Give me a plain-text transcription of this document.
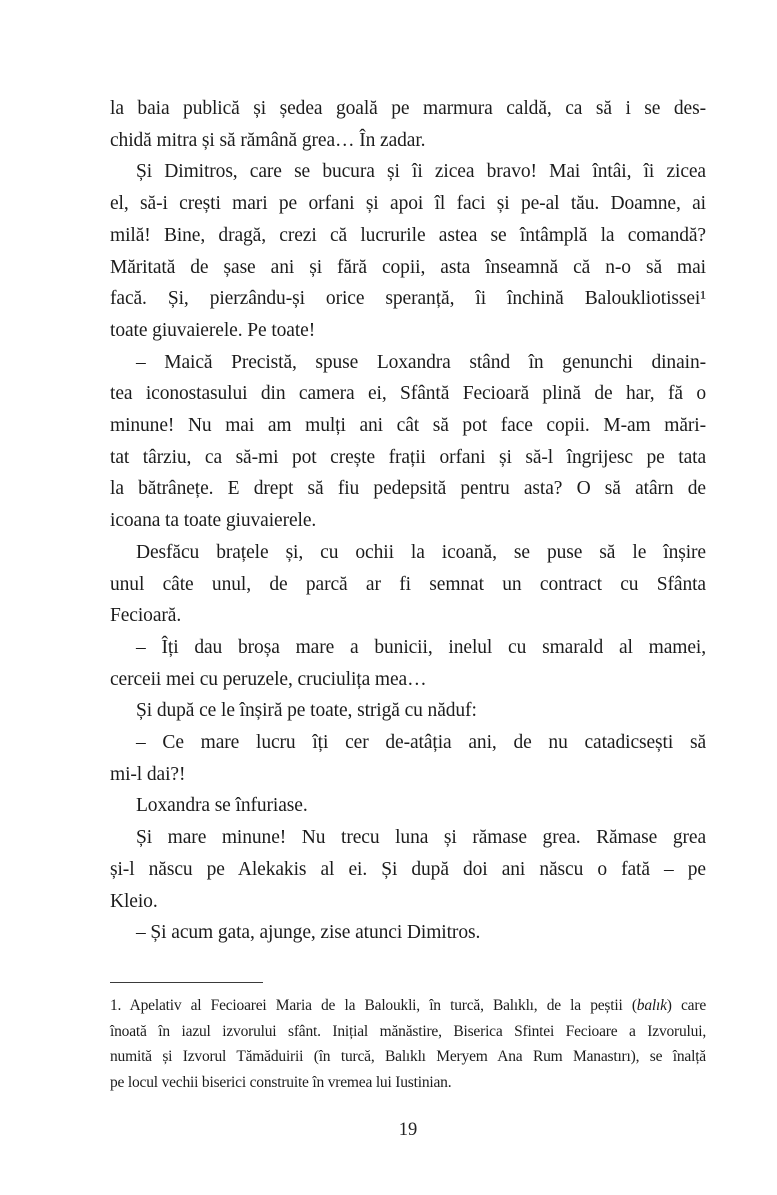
la baia publică și ședea goală pe marmura caldă, ca să i se des-
chidă mitra și să rămână grea… În zadar.
Și Dimitros, care se bucura și îi zicea bravo! Mai întâi, îi zicea
el, să-i crești mari pe orfani și apoi îl faci și pe-al tău. Doamne, ai
milă! Bine, dragă, crezi că lucrurile astea se întâmplă la comandă?
Măritată de șase ani și fără copii, asta înseamnă că n-o să mai
facă. Și, pierzându-și orice speranță, îi închină Baloukliotissei¹
toate giuvaierele. Pe toate!
– Maică Precistă, spuse Loxandra stând în genunchi dinain-
tea iconostasului din camera ei, Sfântă Fecioară plină de har, fă o
minune! Nu mai am mulți ani cât să pot face copii. M-am mări-
tat târziu, ca să-mi pot crește frații orfani și să-l îngrijesc pe tata
la bătrânețe. E drept să fiu pedepsită pentru asta? O să atârn de
icoana ta toate giuvaierele.
Desfăcu brațele și, cu ochii la icoană, se puse să le înșire
unul câte unul, de parcă ar fi semnat un contract cu Sfânta
Fecioară.
– Îți dau broșa mare a bunicii, inelul cu smarald al mamei,
cerceii mei cu peruzele, cruciulița mea…
Și după ce le înșiră pe toate, strigă cu năduf:
– Ce mare lucru îți cer de-atâția ani, de nu catadicsești să
mi-l dai?!
Loxandra se înfuriase.
Și mare minune! Nu trecu luna și rămase grea. Rămase grea
și-l născu pe Alekakis al ei. Și după doi ani născu o fată – pe
Kleio.
– Și acum gata, ajunge, zise atunci Dimitros.
1. Apelativ al Fecioarei Maria de la Baloukli, în turcă, Balıklı, de la peștii (balık) care
înoată în iazul izvorului sfânt. Inițial mănăstire, Biserica Sfintei Fecioare a Izvorului,
numită și Izvorul Tămăduirii (în turcă, Balıklı Meryem Ana Rum Manastırı), se înalță
pe locul vechii biserici construite în vremea lui Iustinian.
19
